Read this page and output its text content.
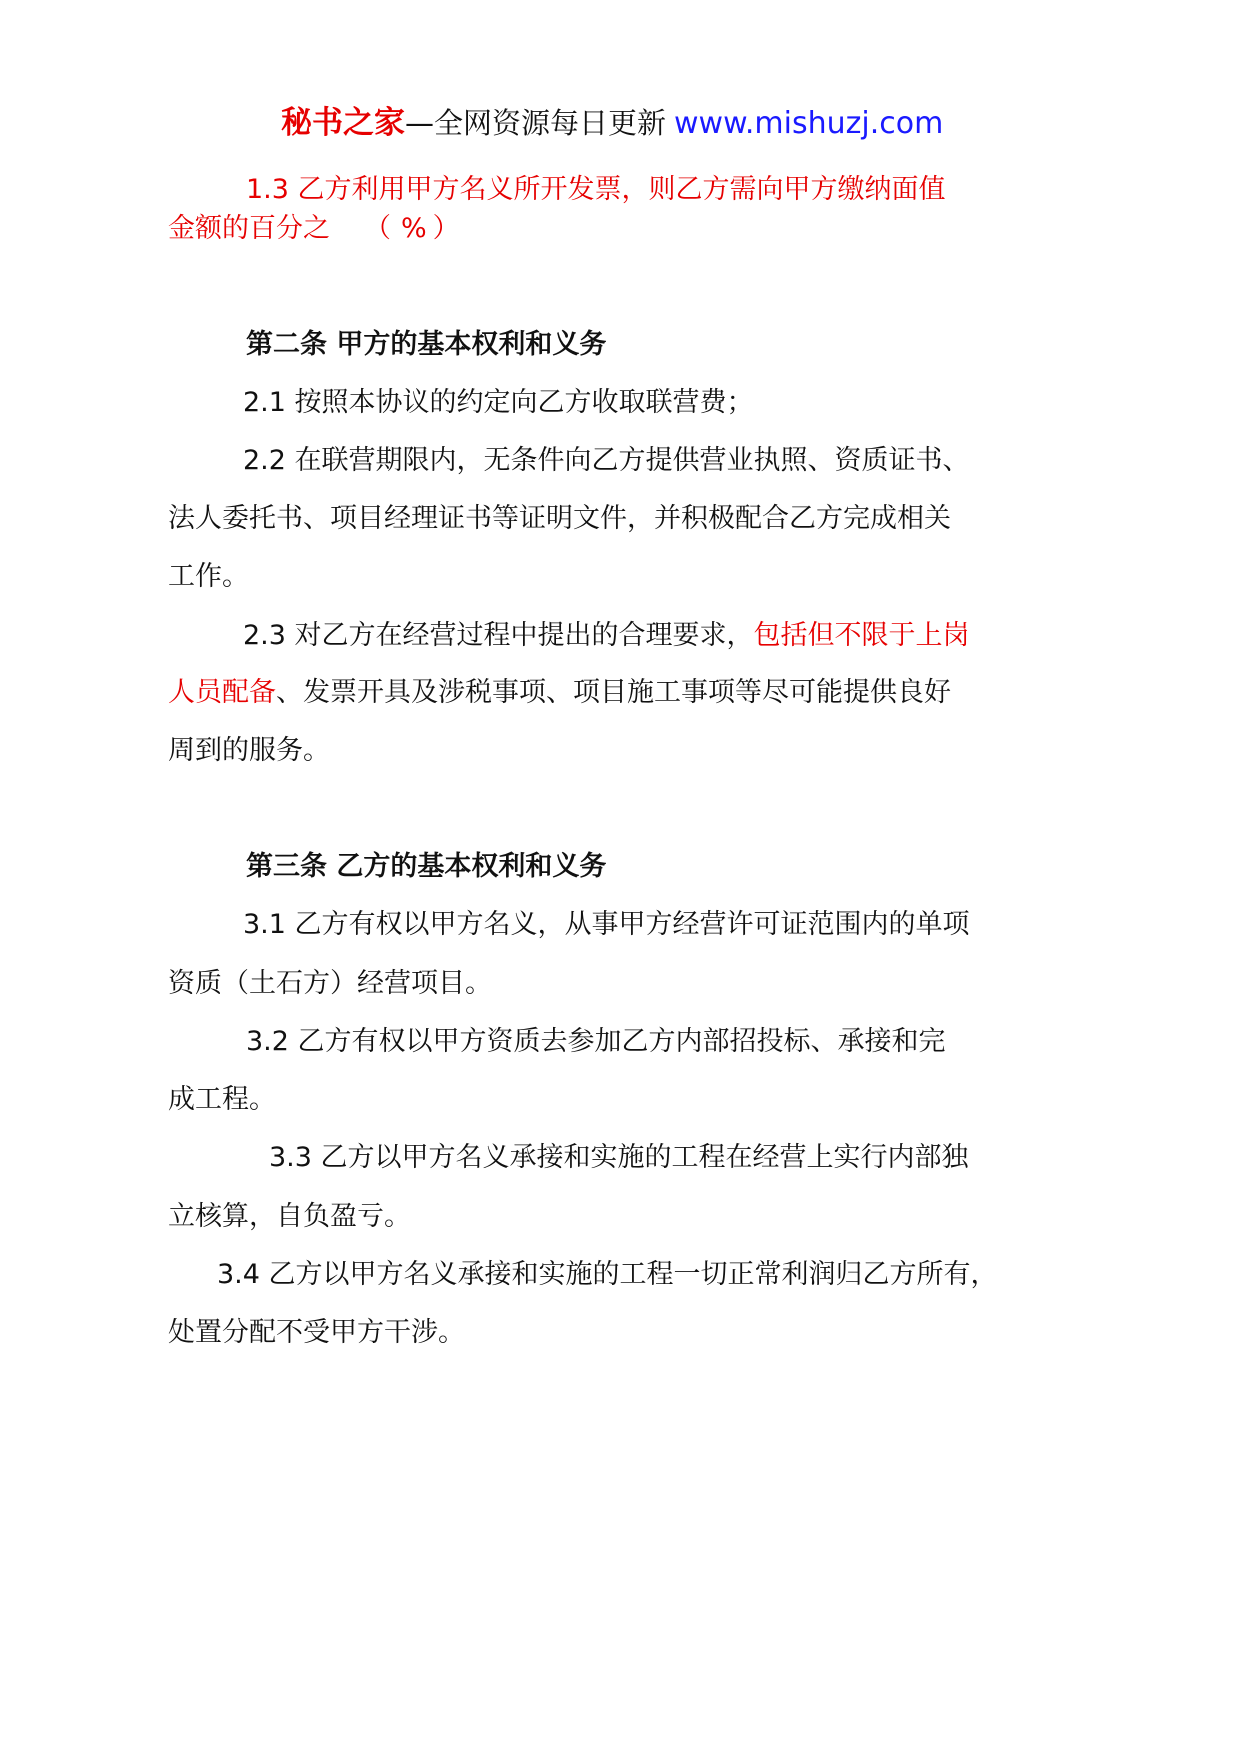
秘书之家—全网资源每日更新 www.mishuzj.com
1.3 乙方利用甲方名义所开发票，则乙方需向甲方缴纳面值
金额的百分之 （ % ）
第二条 甲方的基本权利和义务
2.1 按照本协议的约定向乙方收取联营费；
2.2 在联营期限内，无条件向乙方提供营业执照、资质证书、
法人委托书、项目经理证书等证明文件，并积极配合乙方完成相关
工作。
2.3 对乙方在经营过程中提出的合理要求，包括但不限于上岗
人员配备、发票开具及涉税事项、项目施工事项等尽可能提供良好
周到的服务。
第三条 乙方的基本权利和义务
3.1 乙方有权以甲方名义，从事甲方经营许可证范围内的单项
资质（土石方）经营项目。
3.2 乙方有权以甲方资质去参加乙方内部招投标、承接和完
成工程。
3.3 乙方以甲方名义承接和实施的工程在经营上实行内部独
立核算，自负盈亏。
3.4 乙方以甲方名义承接和实施的工程一切正常利润归乙方所有，
处置分配不受甲方干涉。
